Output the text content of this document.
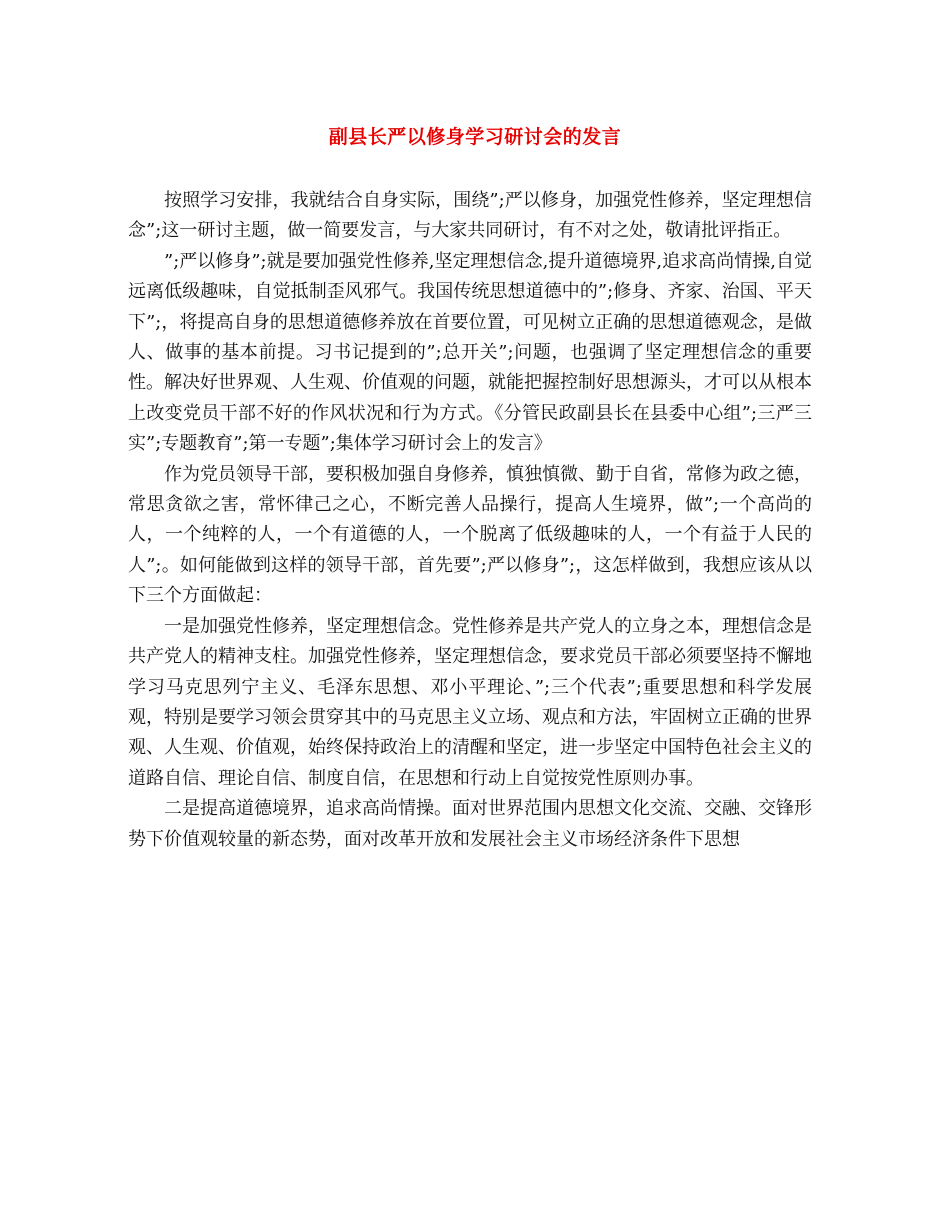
副县长严以修身学习研讨会的发言

按照学习安排，我就结合自身实际，围绕”;严以修身，加强党性修养，坚定理想信念”;这一研讨主题，做一简要发言，与大家共同研讨，有不对之处，敬请批评指正。

”;严以修身”;就是要加强党性修养,坚定理想信念,提升道德境界,追求高尚情操,自觉远离低级趣味，自觉抵制歪风邪气。我国传统思想道德中的”;修身、齐家、治国、平天下”;，将提高自身的思想道德修养放在首要位置，可见树立正确的思想道德观念，是做人、做事的基本前提。习书记提到的”;总开关”;问题，也强调了坚定理想信念的重要性。解决好世界观、人生观、价值观的问题，就能把握控制好思想源头，才可以从根本上改变党员干部不好的作风状况和行为方式。《分管民政副县长在县委中心组”;三严三实”;专题教育”;第一专题”;集体学习研讨会上的发言》

作为党员领导干部，要积极加强自身修养，慎独慎微、勤于自省，常修为政之德，常思贪欲之害，常怀律己之心，不断完善人品操行，提高人生境界，做”;一个高尚的人，一个纯粹的人，一个有道德的人，一个脱离了低级趣味的人，一个有益于人民的人”;。如何能做到这样的领导干部，首先要”;严以修身”;，这怎样做到，我想应该从以下三个方面做起：

一是加强党性修养，坚定理想信念。党性修养是共产党人的立身之本，理想信念是共产党人的精神支柱。加强党性修养，坚定理想信念，要求党员干部必须要坚持不懈地学习马克思列宁主义、毛泽东思想、邓小平理论、”;三个代表”;重要思想和科学发展观，特别是要学习领会贯穿其中的马克思主义立场、观点和方法，牢固树立正确的世界观、人生观、价值观，始终保持政治上的清醒和坚定，进一步坚定中国特色社会主义的道路自信、理论自信、制度自信，在思想和行动上自觉按党性原则办事。

二是提高道德境界，追求高尚情操。面对世界范围内思想文化交流、交融、交锋形势下价值观较量的新态势，面对改革开放和发展社会主义市场经济条件下思想
